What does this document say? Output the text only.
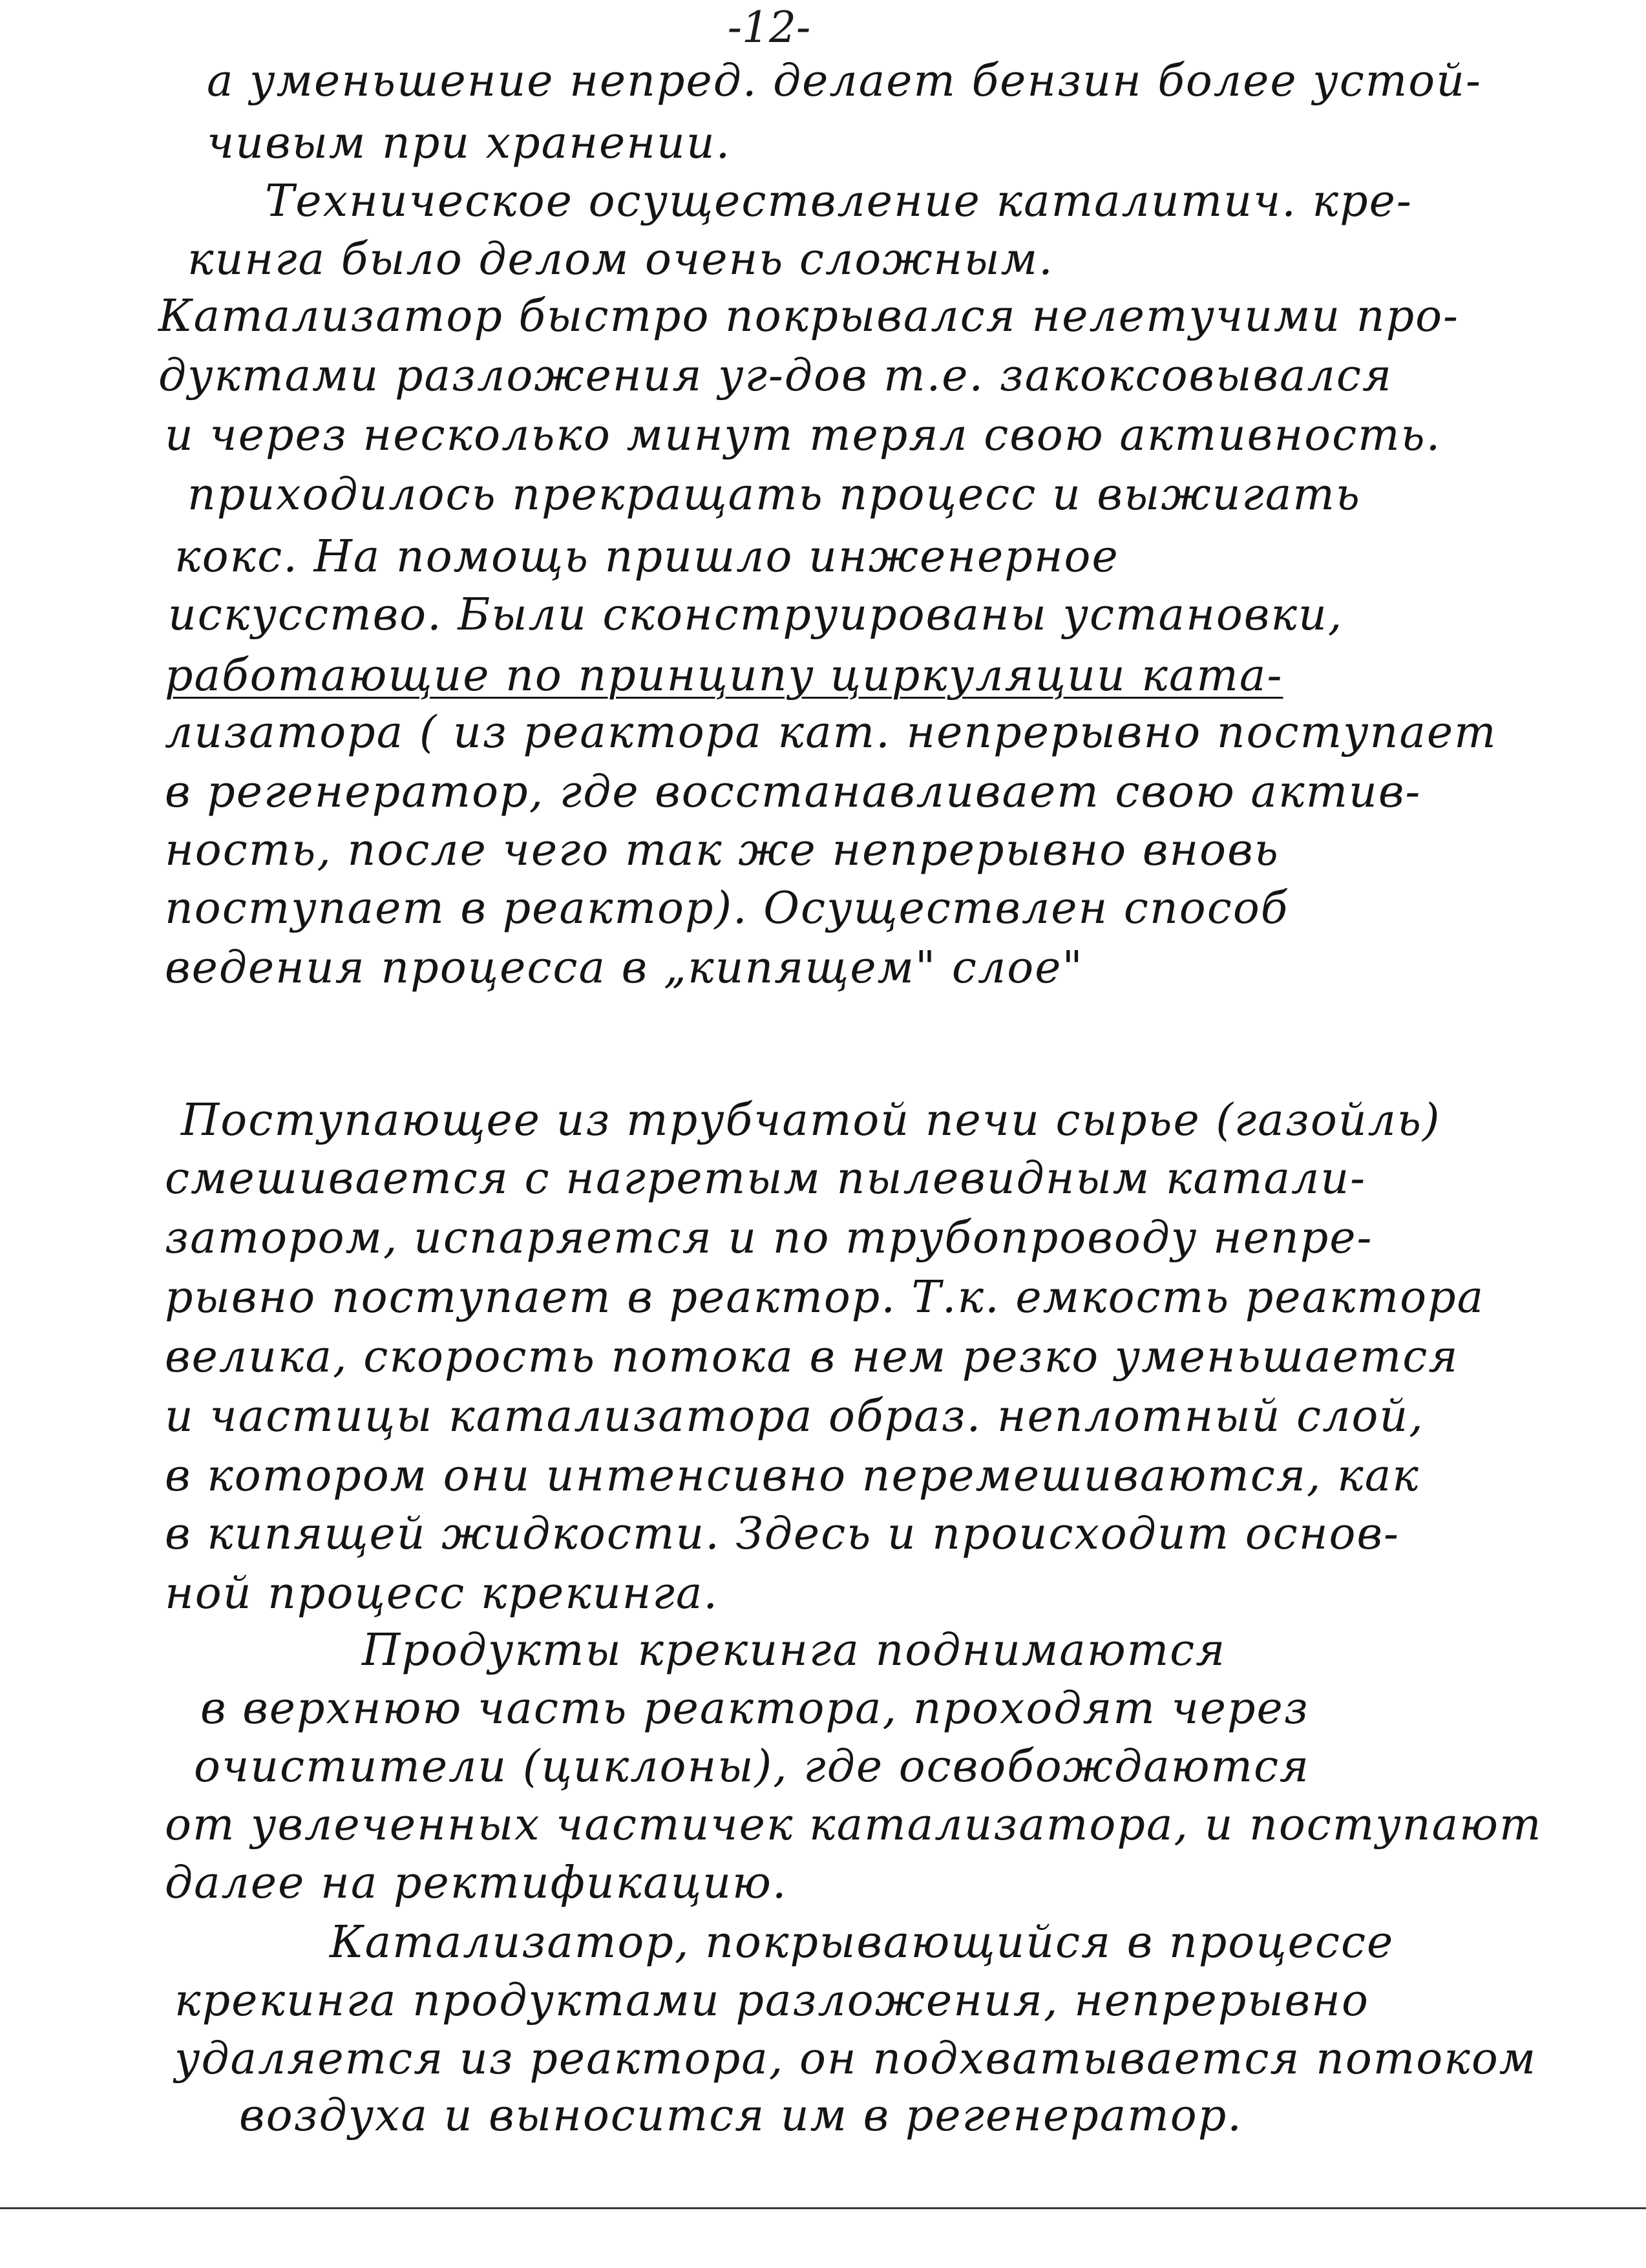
-12-
а уменьшение непред. делает бензин более устой-
чивым при хранении.
Техническое осуществление каталитич. кре-
кинга было делом очень сложным.
Катализатор быстро покрывался нелетучими про-
дуктами разложения уг-дов т.е. закоксовывался
и через несколько минут терял свою активность.
приходилось прекращать процесс и выжигать
кокс. На помощь пришло инженерное
искусство. Были сконструированы установки,
работающие по принципу циркуляции ката-
лизатора ( из реактора кат. непрерывно поступает
в регенератор, где восстанавливает свою актив-
ность, после чего так же непрерывно вновь
поступает в реактор). Осуществлен способ
ведения процесса в „кипящем" слое"
Поступающее из трубчатой печи сырье (газойль)
смешивается с нагретым пылевидным катали-
затором, испаряется и по трубопроводу непре-
рывно поступает в реактор. Т.к. емкость реактора
велика, скорость потока в нем резко уменьшается
и частицы катализатора образ. неплотный слой,
в котором они интенсивно перемешиваются, как
в кипящей жидкости. Здесь и происходит основ-
ной процесс крекинга.
Продукты крекинга поднимаются
в верхнюю часть реактора, проходят через
очистители (циклоны), где освобождаются
от увлеченных частичек катализатора, и поступают
далее на ректификацию.
Катализатор, покрывающийся в процессе
крекинга продуктами разложения, непрерывно
удаляется из реактора, он подхватывается потоком
воздуха и выносится им в регенератор.
